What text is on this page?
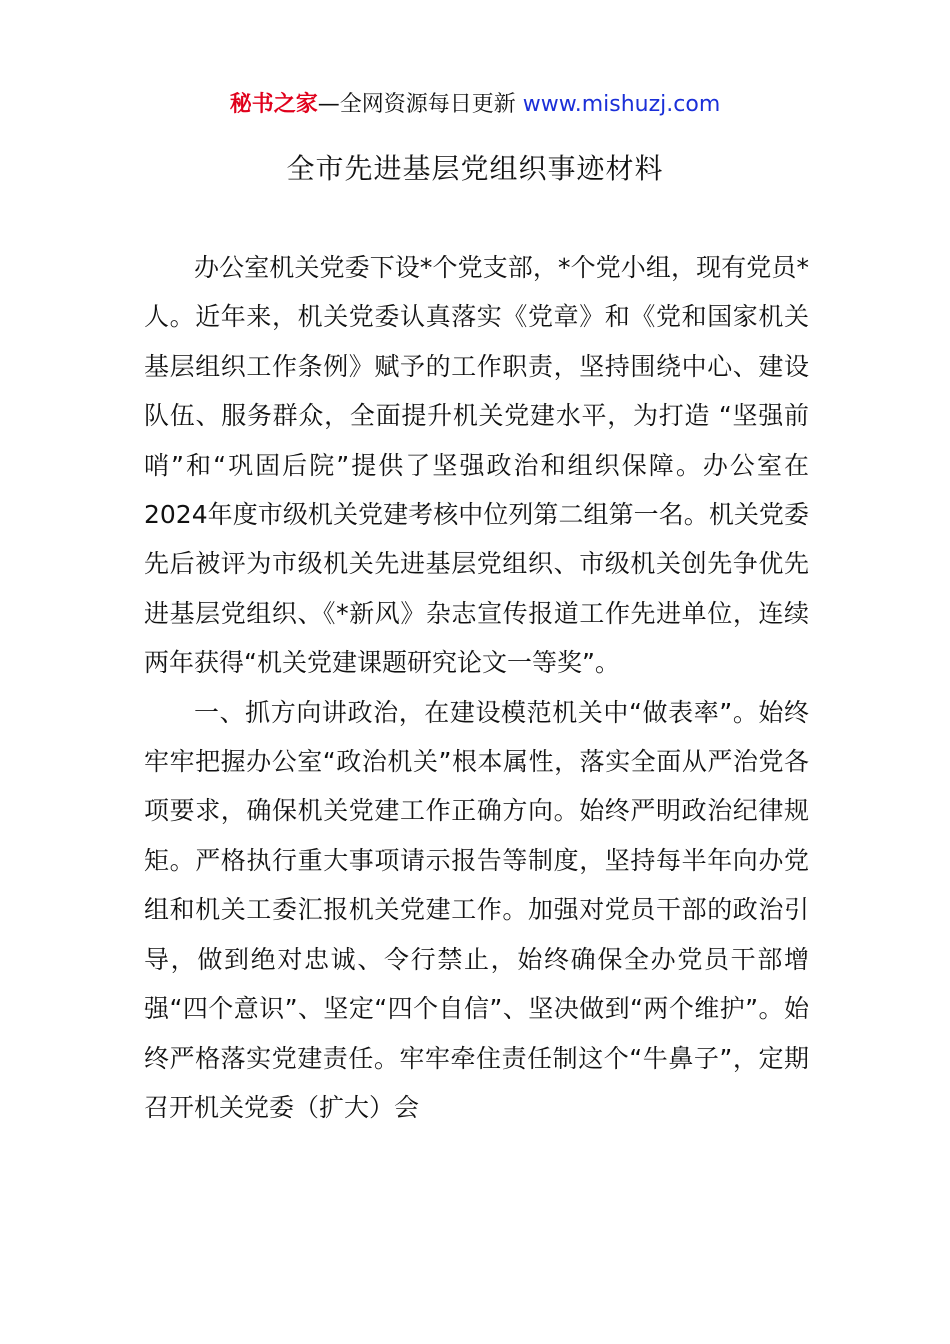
秘书之家—全网资源每日更新 www.mishuzj.com
全市先进基层党组织事迹材料

办公室机关党委下设*个党支部，*个党小组，现有党员*人。近年来，机关党委认真落实《党章》和《党和国家机关基层组织工作条例》赋予的工作职责，坚持围绕中心、建设队伍、服务群众，全面提升机关党建水平，为打造 “坚强前哨”和“巩固后院”提供了坚强政治和组织保障。办公室在2024年度市级机关党建考核中位列第二组第一名。机关党委先后被评为市级机关先进基层党组织、市级机关创先争优先进基层党组织、《*新风》杂志宣传报道工作先进单位，连续两年获得“机关党建课题研究论文一等奖”。

一、抓方向讲政治，在建设模范机关中“做表率”。始终牢牢把握办公室“政治机关”根本属性，落实全面从严治党各项要求，确保机关党建工作正确方向。始终严明政治纪律规矩。严格执行重大事项请示报告等制度，坚持每半年向办党组和机关工委汇报机关党建工作。加强对党员干部的政治引导，做到绝对忠诚、令行禁止，始终确保全办党员干部增强“四个意识”、坚定“四个自信”、坚决做到“两个维护”。始终严格落实党建责任。牢牢牵住责任制这个“牛鼻子”，定期召开机关党委（扩大）会
